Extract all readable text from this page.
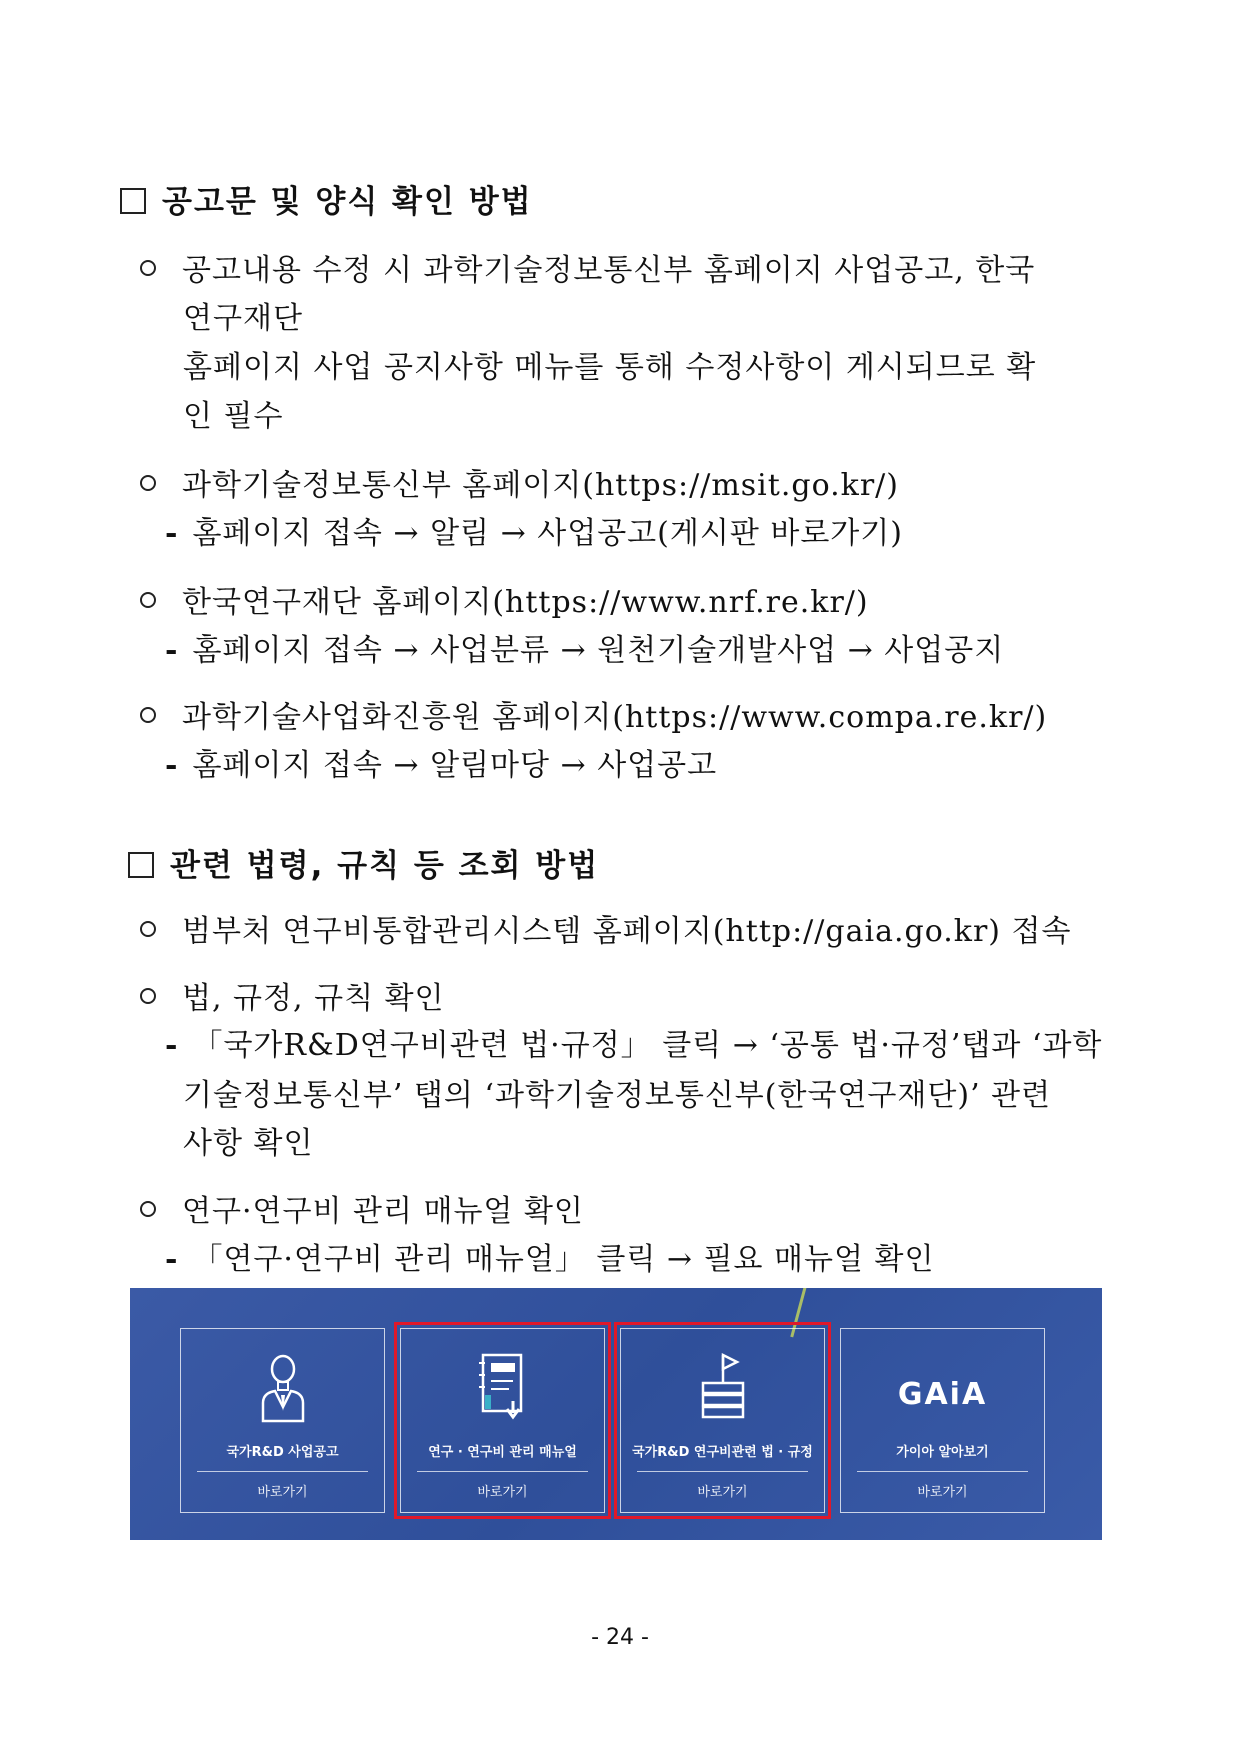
공고문 및 양식 확인 방법
공고내용 수정 시 과학기술정보통신부 홈페이지 사업공고, 한국
연구재단
홈페이지 사업 공지사항 메뉴를 통해 수정사항이 게시되므로 확
인 필수
과학기술정보통신부 홈페이지(https://msit.go.kr/)
- 홈페이지 접속 → 알림 → 사업공고(게시판 바로가기)
한국연구재단 홈페이지(https://www.nrf.re.kr/)
- 홈페이지 접속 → 사업분류 → 원천기술개발사업 → 사업공지
과학기술사업화진흥원 홈페이지(https://www.compa.re.kr/)
- 홈페이지 접속 → 알림마당 → 사업공고
관련 법령, 규칙 등 조회 방법
범부처 연구비통합관리시스템 홈페이지(http://gaia.go.kr) 접속
법, 규정, 규칙 확인
- 「국가R&D연구비관련 법·규정」 클릭 → ‘공통 법·규정’탭과 ‘과학
기술정보통신부’ 탭의 ‘과학기술정보통신부(한국연구재단)’ 관련
사항 확인
연구·연구비 관리 매뉴얼 확인
- 「연구·연구비 관리 매뉴얼」 클릭 → 필요 매뉴얼 확인
국가R&D 사업공고
바로가기
연구 · 연구비 관리 매뉴얼
바로가기
국가R&D 연구비관련 법 · 규정
바로가기
GAiA
가이아 알아보기
바로가기
- 24 -
